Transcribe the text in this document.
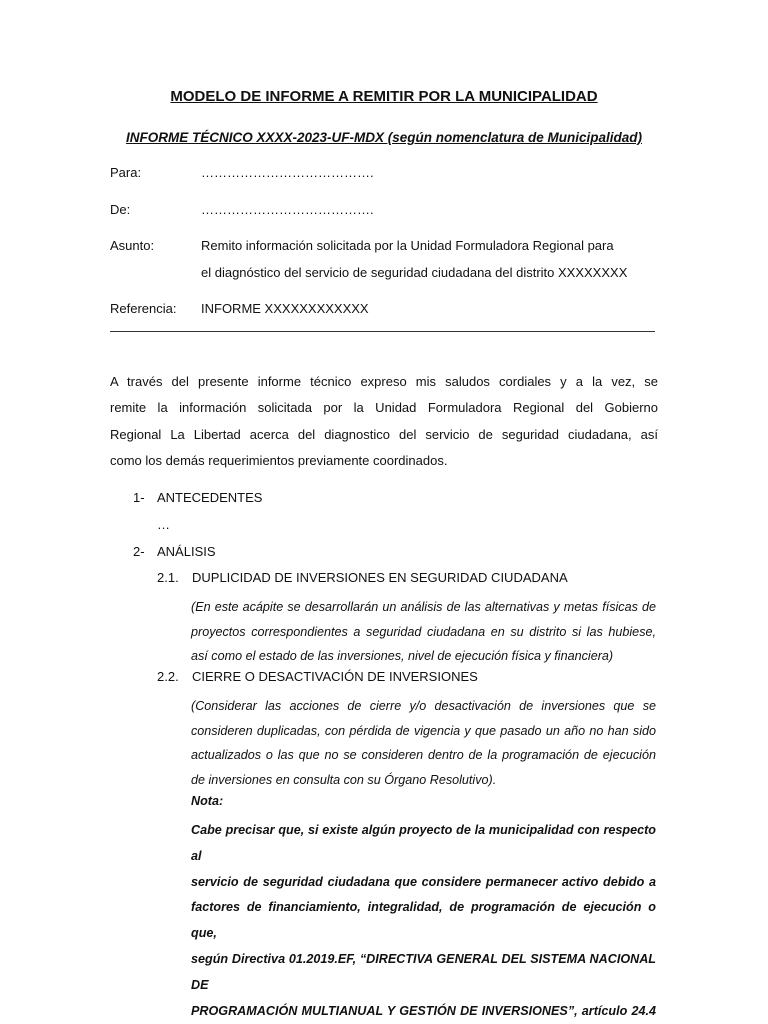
MODELO DE INFORME A REMITIR POR LA MUNICIPALIDAD
INFORME TÉCNICO XXXX-2023-UF-MDX (según nomenclatura de Municipalidad)
Para:	………………………………….
De:	………………………………….
Asunto:	Remito información solicitada por la Unidad Formuladora Regional para
el diagnóstico del servicio de seguridad ciudadana del distrito XXXXXXXX
Referencia: INFORME XXXXXXXXXXXX
A través del presente informe técnico expreso mis saludos cordiales y a la vez, se
remite la información solicitada por la Unidad Formuladora Regional del Gobierno
Regional La Libertad acerca del diagnostico del servicio de seguridad ciudadana, así
como los demás requerimientos previamente coordinados.
1- ANTECEDENTES
…
2- ANÁLISIS
2.1. DUPLICIDAD DE INVERSIONES EN SEGURIDAD CIUDADANA
(En este acápite se desarrollarán un análisis de las alternativas y metas físicas de
proyectos correspondientes a seguridad ciudadana en su distrito si las hubiese,
así como el estado de las inversiones, nivel de ejecución física y financiera)
2.2. CIERRE O DESACTIVACIÓN DE INVERSIONES
(Considerar las acciones de cierre y/o desactivación de inversiones que se
consideren duplicadas, con pérdida de vigencia y que pasado un año no han sido
actualizados o las que no se consideren dentro de la programación de ejecución
de inversiones en consulta con su Órgano Resolutivo).
Nota:
Cabe precisar que, si existe algún proyecto de la municipalidad con respecto al
servicio de seguridad ciudadana que considere permanecer activo debido a
factores de financiamiento, integralidad, de programación de ejecución o que,
según Directiva 01.2019.EF, “DIRECTIVA GENERAL DEL SISTEMA NACIONAL DE
PROGRAMACIÓN MULTIANUAL Y GESTIÓN DE INVERSIONES”, artículo 24.4
